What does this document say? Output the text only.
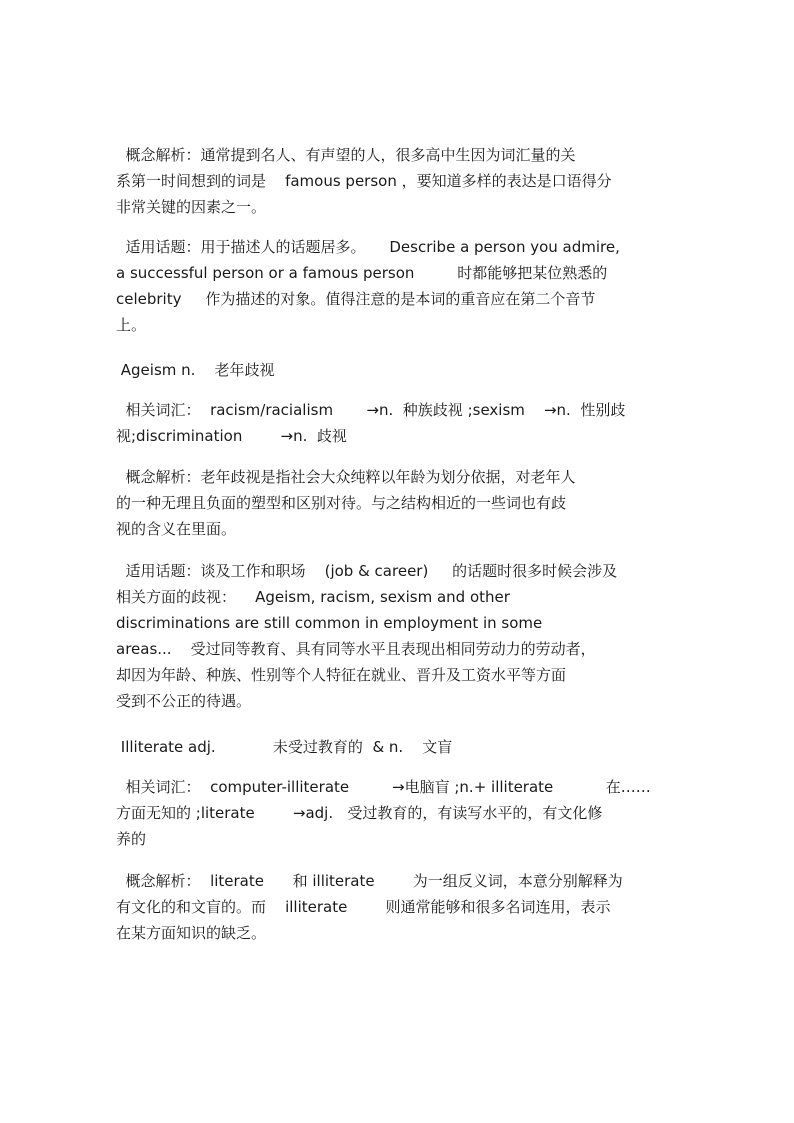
概念解析：通常提到名人、有声望的人，很多高中生因为词汇量的关
系第一时间想到的词是    famous person ，要知道多样的表达是口语得分
非常关键的因素之一。

适用话题：用于描述人的话题居多。     Describe a person you admire,
a successful person or a famous person         时都能够把某位熟悉的
celebrity     作为描述的对象。值得注意的是本词的重音应在第二个音节
上。

Ageism n.    老年歧视

相关词汇：  racism/racialism       →n.  种族歧视 ;sexism    →n.  性别歧
视;discrimination        →n.  歧视

概念解析：老年歧视是指社会大众纯粹以年龄为划分依据，对老年人
的一种无理且负面的塑型和区别对待。与之结构相近的一些词也有歧
视的含义在里面。

适用话题：谈及工作和职场    (job & career)     的话题时很多时候会涉及
相关方面的歧视：    Ageism, racism, sexism and other
discriminations are still common in employment in some
areas...    受过同等教育、具有同等水平且表现出相同劳动力的劳动者，
却因为年龄、种族、性别等个人特征在就业、晋升及工资水平等方面
受到不公正的待遇。

Illiterate adj.            未受过教育的  & n.    文盲

相关词汇：  computer-illiterate         →电脑盲 ;n.+ illiterate           在……
方面无知的 ;literate        →adj.   受过教育的，有读写水平的，有文化修
养的

概念解析：  literate      和 illiterate        为一组反义词，本意分别解释为
有文化的和文盲的。而    illiterate        则通常能够和很多名词连用，表示
在某方面知识的缺乏。
